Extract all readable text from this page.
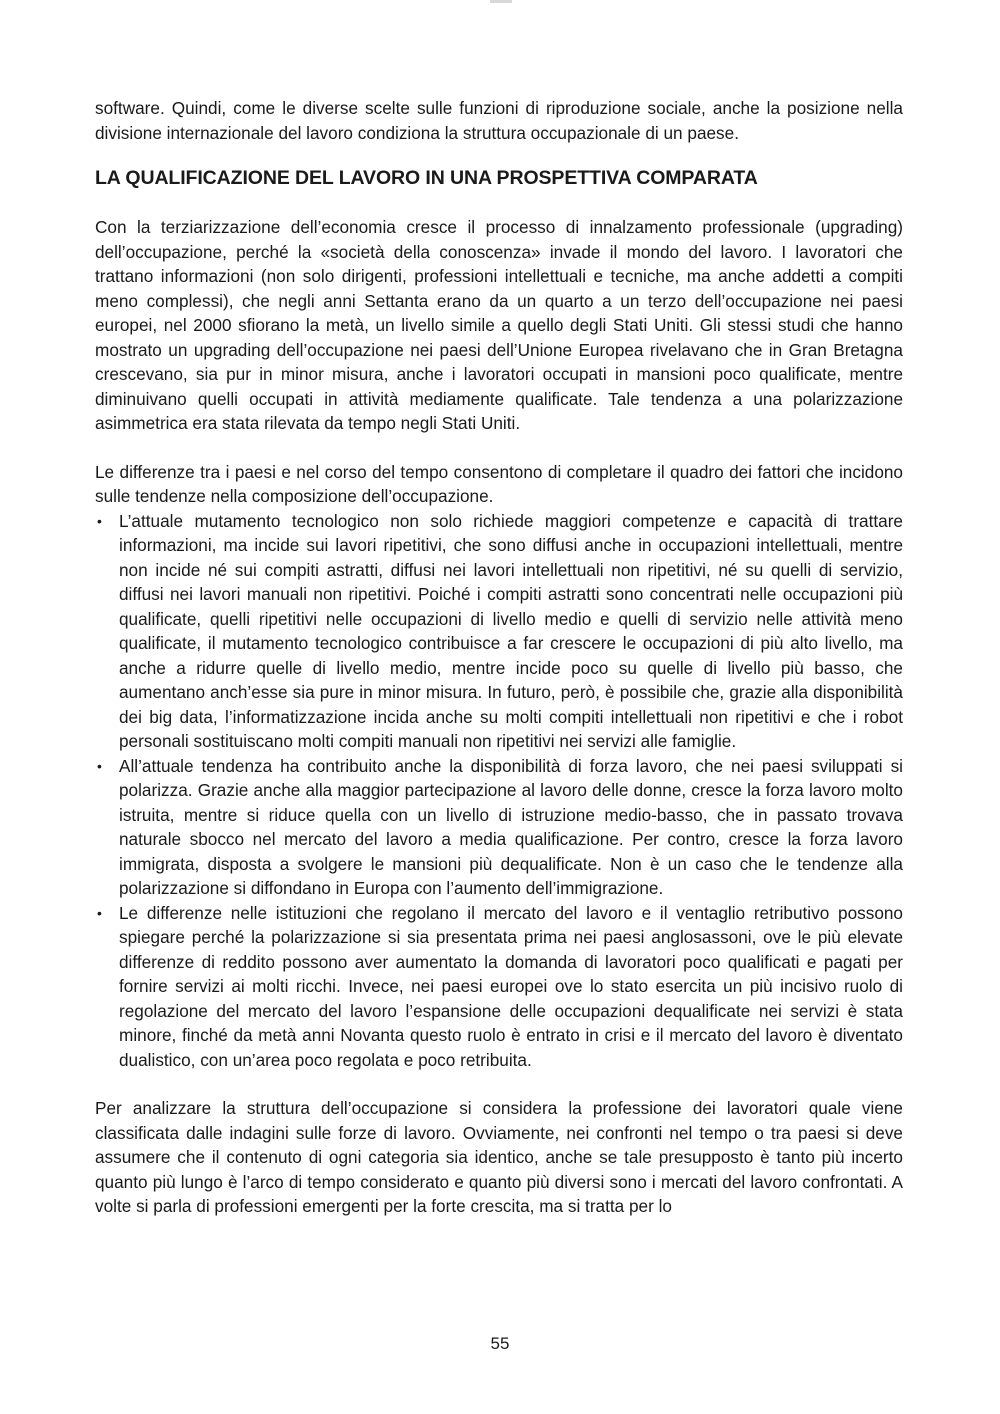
software. Quindi, come le diverse scelte sulle funzioni di riproduzione sociale, anche la posizione nella divisione internazionale del lavoro condiziona la struttura occupazionale di un paese.

LA QUALIFICAZIONE DEL LAVORO IN UNA PROSPETTIVA COMPARATA

Con la terziarizzazione dell’economia cresce il processo di innalzamento professionale (upgrading) dell’occupazione, perché la «società della conoscenza» invade il mondo del lavoro. I lavoratori che trattano informazioni (non solo dirigenti, professioni intellettuali e tecniche, ma anche addetti a compiti meno complessi), che negli anni Settanta erano da un quarto a un terzo dell’occupazione nei paesi europei, nel 2000 sfiorano la metà, un livello simile a quello degli Stati Uniti. Gli stessi studi che hanno mostrato un upgrading dell’occupazione nei paesi dell’Unione Europea rivelavano che in Gran Bretagna crescevano, sia pur in minor misura, anche i lavoratori occupati in mansioni poco qualificate, mentre diminuivano quelli occupati in attività mediamente qualificate. Tale tendenza a una polarizzazione asimmetrica era stata rilevata da tempo negli Stati Uniti.

Le differenze tra i paesi e nel corso del tempo consentono di completare il quadro dei fattori che incidono sulle tendenze nella composizione dell’occupazione.

• L’attuale mutamento tecnologico non solo richiede maggiori competenze e capacità di trattare informazioni, ma incide sui lavori ripetitivi, che sono diffusi anche in occupazioni intellettuali, mentre non incide né sui compiti astratti, diffusi nei lavori intellettuali non ripetitivi, né su quelli di servizio, diffusi nei lavori manuali non ripetitivi. Poiché i compiti astratti sono concentrati nelle occupazioni più qualificate, quelli ripetitivi nelle occupazioni di livello medio e quelli di servizio nelle attività meno qualificate, il mutamento tecnologico contribuisce a far crescere le occupazioni di più alto livello, ma anche a ridurre quelle di livello medio, mentre incide poco su quelle di livello più basso, che aumentano anch’esse sia pure in minor misura. In futuro, però, è possibile che, grazie alla disponibilità dei big data, l’informatizzazione incida anche su molti compiti intellettuali non ripetitivi e che i robot personali sostituiscano molti compiti manuali non ripetitivi nei servizi alle famiglie.
• All’attuale tendenza ha contribuito anche la disponibilità di forza lavoro, che nei paesi sviluppati si polarizza. Grazie anche alla maggior partecipazione al lavoro delle donne, cresce la forza lavoro molto istruita, mentre si riduce quella con un livello di istruzione medio-basso, che in passato trovava naturale sbocco nel mercato del lavoro a media qualificazione. Per contro, cresce la forza lavoro immigrata, disposta a svolgere le mansioni più dequalificate. Non è un caso che le tendenze alla polarizzazione si diffondano in Europa con l’aumento dell’immigrazione.
• Le differenze nelle istituzioni che regolano il mercato del lavoro e il ventaglio retributivo possono spiegare perché la polarizzazione si sia presentata prima nei paesi anglosassoni, ove le più elevate differenze di reddito possono aver aumentato la domanda di lavoratori poco qualificati e pagati per fornire servizi ai molti ricchi. Invece, nei paesi europei ove lo stato esercita un più incisivo ruolo di regolazione del mercato del lavoro l’espansione delle occupazioni dequalificate nei servizi è stata minore, finché da metà anni Novanta questo ruolo è entrato in crisi e il mercato del lavoro è diventato dualistico, con un’area poco regolata e poco retribuita.

Per analizzare la struttura dell’occupazione si considera la professione dei lavoratori quale viene classificata dalle indagini sulle forze di lavoro. Ovviamente, nei confronti nel tempo o tra paesi si deve assumere che il contenuto di ogni categoria sia identico, anche se tale presupposto è tanto più incerto quanto più lungo è l’arco di tempo considerato e quanto più diversi sono i mercati del lavoro confrontati. A volte si parla di professioni emergenti per la forte crescita, ma si tratta per lo

55
